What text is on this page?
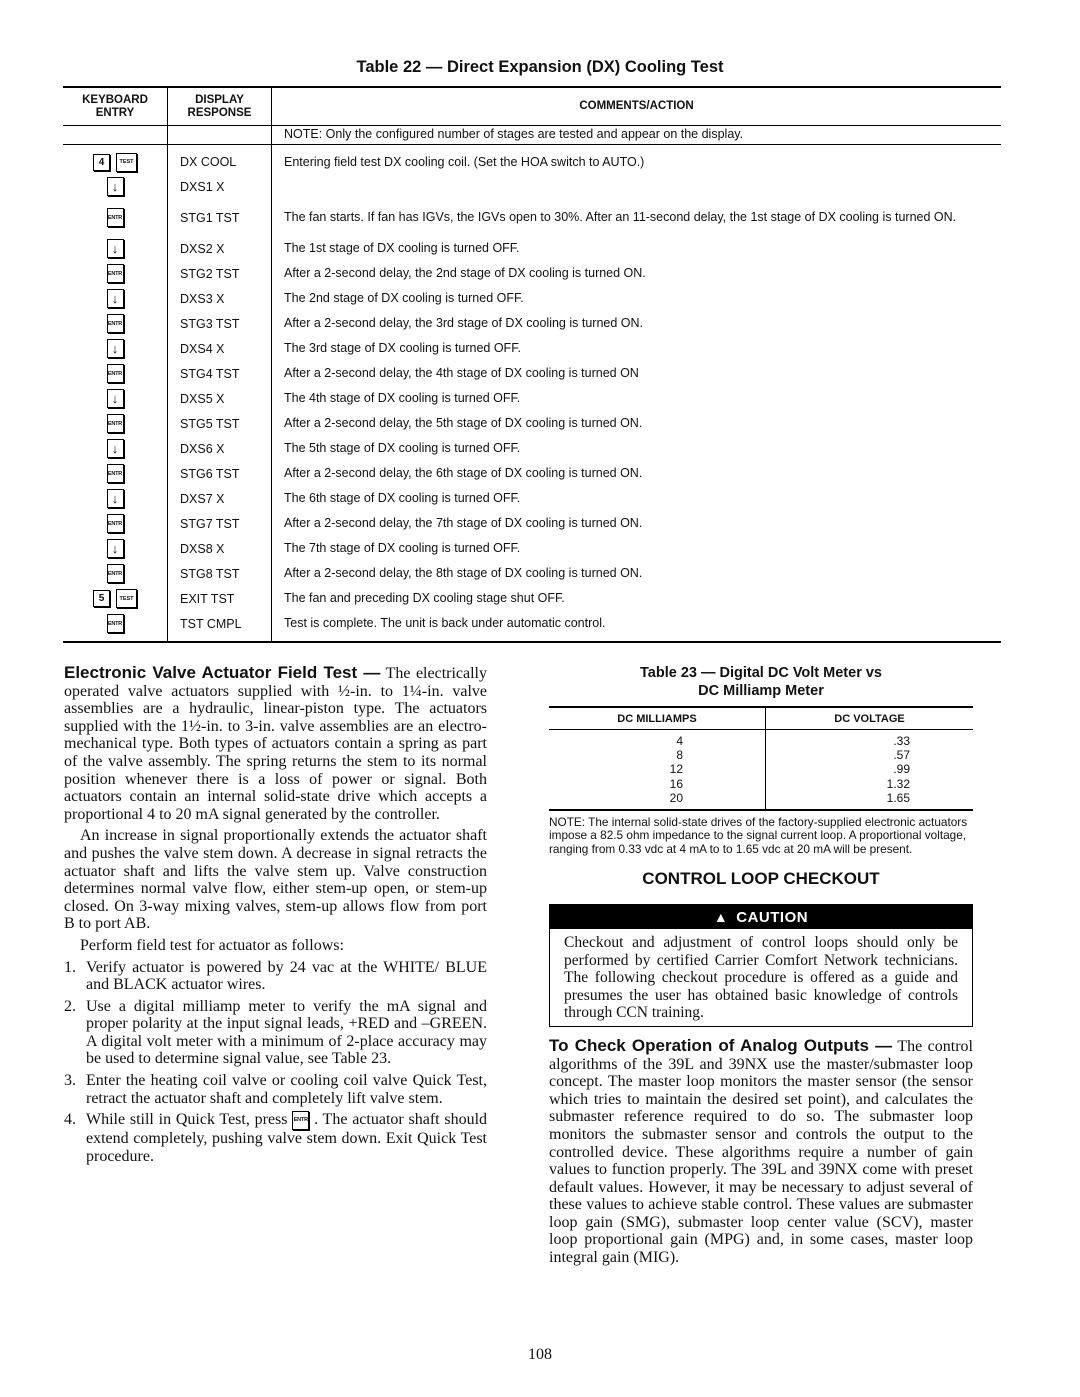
Table 22 — Direct Expansion (DX) Cooling Test
KEYBOARD ENTRY
DISPLAY RESPONSE
COMMENTS/ACTION
NOTE: Only the configured number of stages are tested and appear on the display.
4	TEST	DX COOL	Entering field test DX cooling coil. (Set the HOA switch to AUTO.)
↓	DXS1 X
ENTR	STG1 TST	The fan starts. If fan has IGVs, the IGVs open to 30%. After an 11-second delay, the 1st stage of DX cooling is turned ON.
↓	DXS2 X	The 1st stage of DX cooling is turned OFF.
ENTR	STG2 TST	After a 2-second delay, the 2nd stage of DX cooling is turned ON.
↓	DXS3 X	The 2nd stage of DX cooling is turned OFF.
ENTR	STG3 TST	After a 2-second delay, the 3rd stage of DX cooling is turned ON.
↓	DXS4 X	The 3rd stage of DX cooling is turned OFF.
ENTR	STG4 TST	After a 2-second delay, the 4th stage of DX cooling is turned ON
↓	DXS5 X	The 4th stage of DX cooling is turned OFF.
ENTR	STG5 TST	After a 2-second delay, the 5th stage of DX cooling is turned ON.
↓	DXS6 X	The 5th stage of DX cooling is turned OFF.
ENTR	STG6 TST	After a 2-second delay, the 6th stage of DX cooling is turned ON.
↓	DXS7 X	The 6th stage of DX cooling is turned OFF.
ENTR	STG7 TST	After a 2-second delay, the 7th stage of DX cooling is turned ON.
↓	DXS8 X	The 7th stage of DX cooling is turned OFF.
ENTR	STG8 TST	After a 2-second delay, the 8th stage of DX cooling is turned ON.
5	TEST	EXIT TST	The fan and preceding DX cooling stage shut OFF.
ENTR	TST CMPL	Test is complete. The unit is back under automatic control.

Electronic Valve Actuator Field Test — The electrically operated valve actuators supplied with ½-in. to 1¼-in. valve assemblies are a hydraulic, linear-piston type. The actuators supplied with the 1½-in. to 3-in. valve assemblies are an electro-mechanical type. Both types of actuators contain a spring as part of the valve assembly. The spring returns the stem to its normal position whenever there is a loss of power or signal. Both actuators contain an internal solid-state drive which accepts a proportional 4 to 20 mA signal generated by the controller.

An increase in signal proportionally extends the actuator shaft and pushes the valve stem down. A decrease in signal retracts the actuator shaft and lifts the valve stem up. Valve construction determines normal valve flow, either stem-up open, or stem-up closed. On 3-way mixing valves, stem-up allows flow from port B to port AB.

Perform field test for actuator as follows:

1. Verify actuator is powered by 24 vac at the WHITE/ BLUE and BLACK actuator wires.
2. Use a digital milliamp meter to verify the mA signal and proper polarity at the input signal leads, +RED and –GREEN. A digital volt meter with a minimum of 2-place accuracy may be used to determine signal value, see Table 23.
3. Enter the heating coil valve or cooling coil valve Quick Test, retract the actuator shaft and completely lift valve stem.
4. While still in Quick Test, press ENTR . The actuator shaft should extend completely, pushing valve stem down. Exit Quick Test procedure.
Table 23 — Digital DC Volt Meter vs
DC Milliamp Meter
DC MILLIAMPS	DC VOLTAGE
4	.33
8	.57
12	.99
16	1.32
20	1.65
NOTE: The internal solid-state drives of the factory-supplied electronic actuators impose a 82.5 ohm impedance to the signal current loop. A proportional voltage, ranging from 0.33 vdc at 4 mA to to 1.65 vdc at 20 mA will be present.
CONTROL LOOP CHECKOUT
▲ CAUTION
Checkout and adjustment of control loops should only be performed by certified Carrier Comfort Network technicians. The following checkout procedure is offered as a guide and presumes the user has obtained basic knowledge of controls through CCN training.

To Check Operation of Analog Outputs — The control algorithms of the 39L and 39NX use the master/submaster loop concept. The master loop monitors the master sensor (the sensor which tries to maintain the desired set point), and calculates the submaster reference required to do so. The submaster loop monitors the submaster sensor and controls the output to the controlled device. These algorithms require a number of gain values to function properly. The 39L and 39NX come with preset default values. However, it may be necessary to adjust several of these values to achieve stable control. These values are submaster loop gain (SMG), submaster loop center value (SCV), master loop proportional gain (MPG) and, in some cases, master loop integral gain (MIG).

108
